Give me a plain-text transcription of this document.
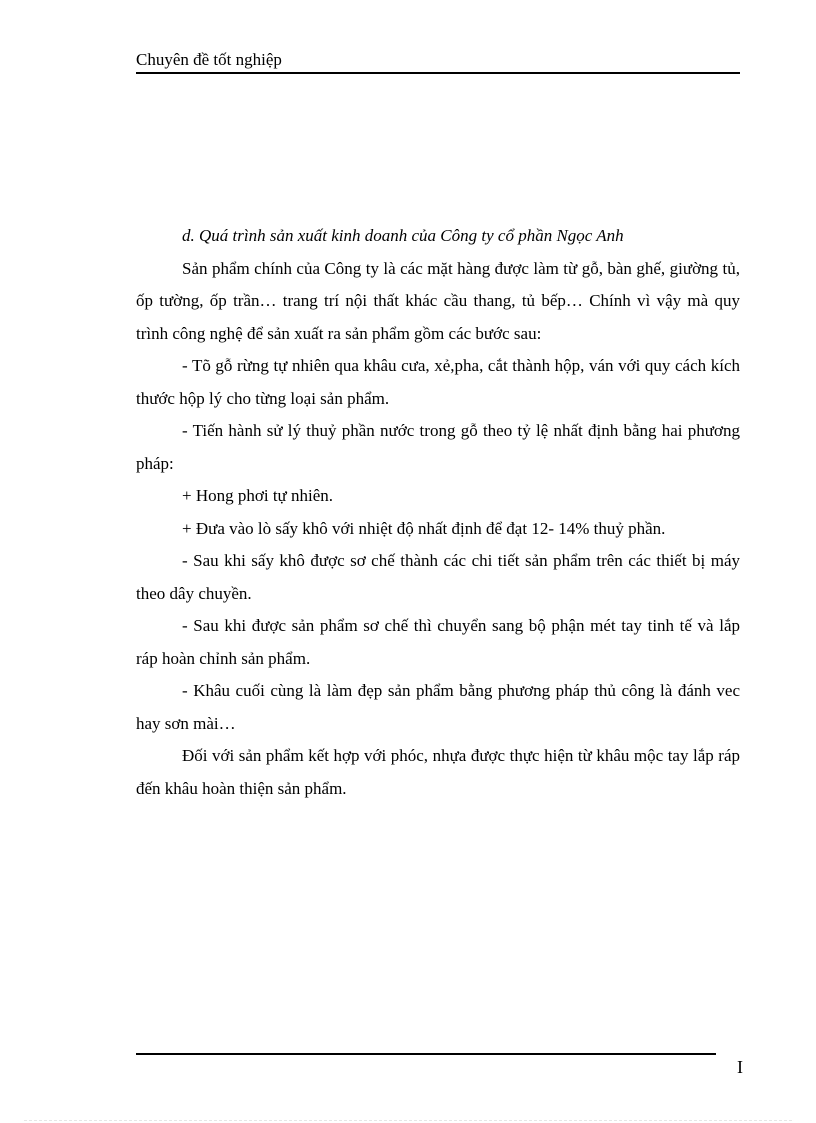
Chuyên đề tốt nghiệp

d. Quá trình sản xuất kinh doanh của Công ty cổ phần Ngọc Anh

Sản phẩm chính của Công ty là các mặt hàng được làm từ gỗ, bàn ghế, giường tủ, ốp tường, ốp trần… trang trí nội thất khác cầu thang, tủ bếp… Chính vì vậy mà quy trình công nghệ để sản xuất ra sản phẩm gồm các bước sau:

- Tõ gỗ rừng tự nhiên qua khâu cưa, xẻ,pha, cắt thành hộp, ván với quy cách kích thước hộp lý cho từng loại sản phẩm.

- Tiến hành sử lý thuỷ phần nước trong gỗ theo tỷ lệ nhất định bằng hai phương pháp:

+ Hong phơi tự nhiên.

+ Đưa vào lò sấy khô với nhiệt độ nhất định để đạt 12- 14% thuỷ phần.

- Sau khi sấy khô được sơ chế thành các chi tiết sản phẩm trên các thiết bị máy theo dây chuyền.

- Sau khi được sản phẩm sơ chế thì chuyển sang bộ phận mét tay tinh tế và lắp ráp hoàn chỉnh sản phẩm.

- Khâu cuối cùng là làm đẹp sản phẩm bằng phương pháp thủ công là đánh vec hay sơn mài…

Đối với sản phẩm kết hợp với phóc, nhựa được thực hiện từ khâu mộc tay lắp ráp đến khâu hoàn thiện sản phẩm.

I
